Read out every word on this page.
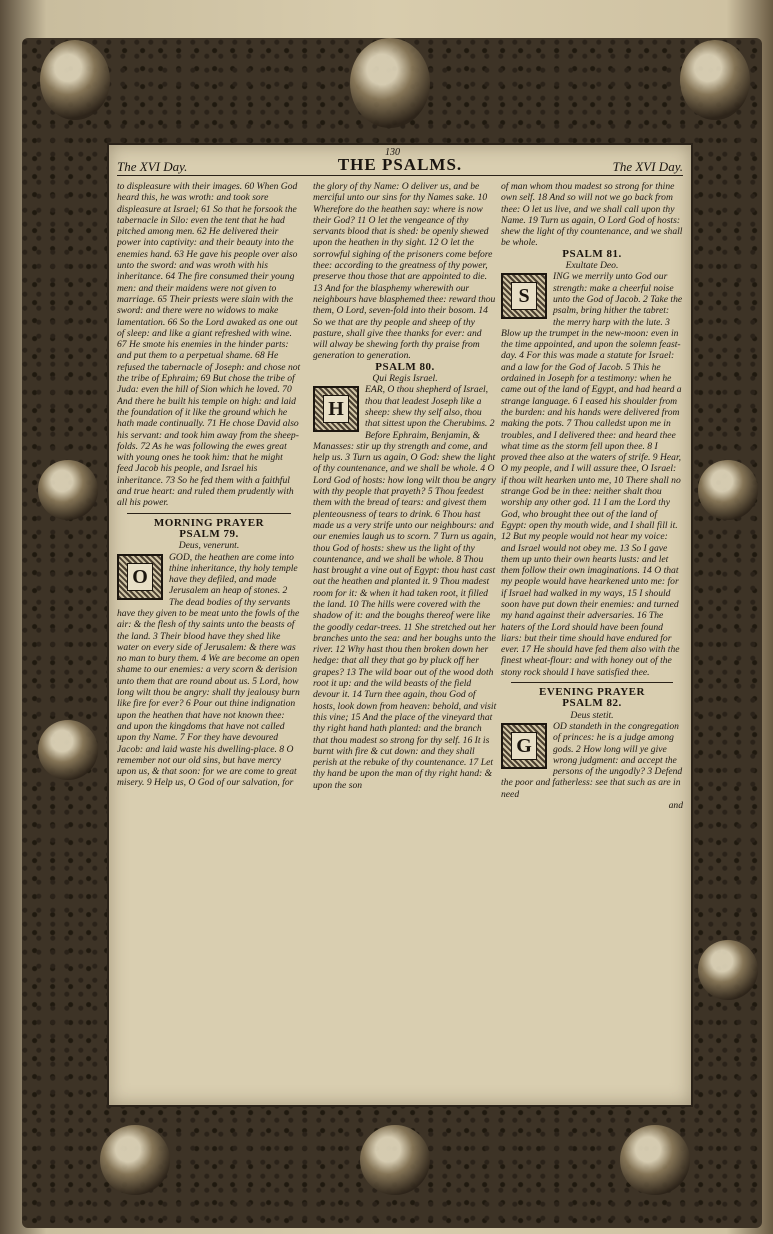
The XVI Day.
130
THE PSALMS.	The XVI Day.

to displeasure with their images. 60 When God heard this, he was wroth: and took sore displeasure at Israel; 61 So that he forsook the tabernacle in Silo: even the tent that he had pitched among men. 62 He delivered their power into captivity: and their beauty into the enemies hand. 63 He gave his people over also unto the sword: and was wroth with his inheritance. 64 The fire consumed their young men: and their maidens were not given to marriage. 65 Their priests were slain with the sword: and there were no widows to make lamentation. 66 So the Lord awaked as one out of sleep: and like a giant refreshed with wine. 67 He smote his enemies in the hinder parts: and put them to a perpetual shame. 68 He refused the tabernacle of Joseph: and chose not the tribe of Ephraim; 69 But chose the tribe of Juda: even the hill of Sion which he loved. 70 And there he built his temple on high: and laid the foundation of it like the ground which he hath made continually. 71 He chose David also his servant: and took him away from the sheep-folds. 72 As he was following the ewes great with young ones he took him: that he might feed Jacob his people, and Israel his inheritance. 73 So he fed them with a faithful and true heart: and ruled them prudently with all his power.

MORNING PRAYER

PSALM 79.

Deus, venerunt.

O

GOD, the heathen are come into thine inheritance, thy holy temple have they defiled, and made Jerusalem an heap of stones. 2 The dead bodies of thy servants have they given to be meat unto the fowls of the air: & the flesh of thy saints unto the beasts of the land. 3 Their blood have they shed like water on every side of Jerusalem: & there was no man to bury them. 4 We are become an open shame to our enemies: a very scorn & derision unto them that are round about us. 5 Lord, how long wilt thou be angry: shall thy jealousy burn like fire for ever? 6 Pour out thine indignation upon the heathen that have not known thee: and upon the kingdoms that have not called upon thy Name. 7 For they have devoured Jacob: and laid waste his dwelling-place. 8 O remember not our old sins, but have mercy upon us, & that soon: for we are come to great misery. 9 Help us, O God of our salvation, for

the glory of thy Name: O deliver us, and be merciful unto our sins for thy Names sake. 10 Wherefore do the heathen say: where is now their God? 11 O let the vengeance of thy servants blood that is shed: be openly shewed upon the heathen in thy sight. 12 O let the sorrowful sighing of the prisoners come before thee: according to the greatness of thy power, preserve thou those that are appointed to die. 13 And for the blasphemy wherewith our neighbours have blasphemed thee: reward thou them, O Lord, seven-fold into their bosom. 14 So we that are thy people and sheep of thy pasture, shall give thee thanks for ever: and will alway be shewing forth thy praise from generation to generation.

PSALM 80.

Qui Regis Israel.

H

EAR, O thou shepherd of Israel, thou that leadest Joseph like a sheep: shew thy self also, thou that sittest upon the Cherubims. 2 Before Ephraim, Benjamin, & Manasses: stir up thy strength and come, and help us. 3 Turn us again, O God: shew the light of thy countenance, and we shall be whole. 4 O Lord God of hosts: how long wilt thou be angry with thy people that prayeth? 5 Thou feedest them with the bread of tears: and givest them plenteousness of tears to drink. 6 Thou hast made us a very strife unto our neighbours: and our enemies laugh us to scorn. 7 Turn us again, thou God of hosts: shew us the light of thy countenance, and we shall be whole. 8 Thou hast brought a vine out of Egypt: thou hast cast out the heathen and planted it. 9 Thou madest room for it: & when it had taken root, it filled the land. 10 The hills were covered with the shadow of it: and the boughs thereof were like the goodly cedar-trees. 11 She stretched out her branches unto the sea: and her boughs unto the river. 12 Why hast thou then broken down her hedge: that all they that go by pluck off her grapes? 13 The wild boar out of the wood doth root it up: and the wild beasts of the field devour it. 14 Turn thee again, thou God of hosts, look down from heaven: behold, and visit this vine; 15 And the place of the vineyard that thy right hand hath planted: and the branch that thou madest so strong for thy self. 16 It is burnt with fire & cut down: and they shall perish at the rebuke of thy countenance. 17 Let thy hand be upon the man of thy right hand: & upon the son

of man whom thou madest so strong for thine own self. 18 And so will not we go back from thee: O let us live, and we shall call upon thy Name. 19 Turn us again, O Lord God of hosts: shew the light of thy countenance, and we shall be whole.

PSALM 81.

Exultate Deo.

S

ING we merrily unto God our strength: make a cheerful noise unto the God of Jacob. 2 Take the psalm, bring hither the tabret: the merry harp with the lute. 3 Blow up the trumpet in the new-moon: even in the time appointed, and upon the solemn feast-day. 4 For this was made a statute for Israel: and a law for the God of Jacob. 5 This he ordained in Joseph for a testimony: when he came out of the land of Egypt, and had heard a strange language. 6 I eased his shoulder from the burden: and his hands were delivered from making the pots. 7 Thou calledst upon me in troubles, and I delivered thee: and heard thee what time as the storm fell upon thee. 8 I proved thee also at the waters of strife. 9 Hear, O my people, and I will assure thee, O Israel: if thou wilt hearken unto me, 10 There shall no strange God be in thee: neither shalt thou worship any other god. 11 I am the Lord thy God, who brought thee out of the land of Egypt: open thy mouth wide, and I shall fill it. 12 But my people would not hear my voice: and Israel would not obey me. 13 So I gave them up unto their own hearts lusts: and let them follow their own imaginations. 14 O that my people would have hearkened unto me: for if Israel had walked in my ways, 15 I should soon have put down their enemies: and turned my hand against their adversaries. 16 The haters of the Lord should have been found liars: but their time should have endured for ever. 17 He should have fed them also with the finest wheat-flour: and with honey out of the stony rock should I have satisfied thee.

EVENING PRAYER

PSALM 82.

Deus stetit.

G

OD standeth in the congregation of princes: he is a judge among gods. 2 How long will ye give wrong judgment: and accept the persons of the ungodly? 3 Defend the poor and fatherless: see that such as are in need

and
